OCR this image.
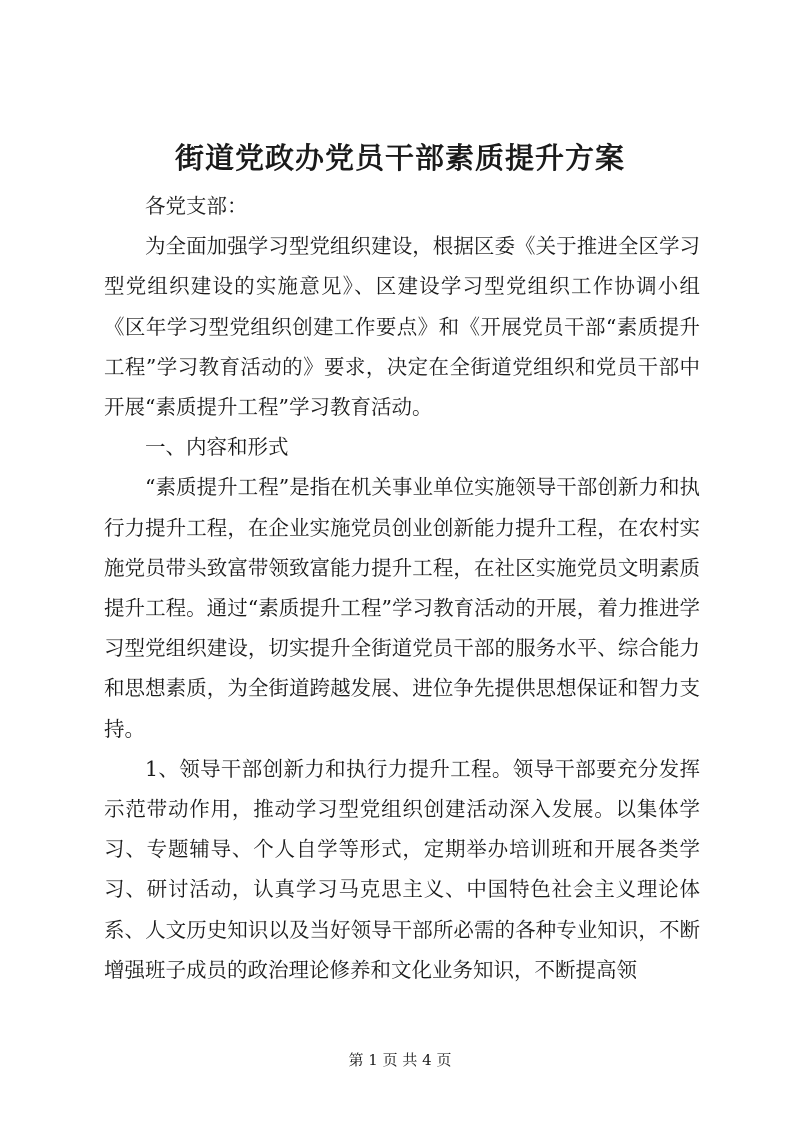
街道党政办党员干部素质提升方案

各党支部：

为全面加强学习型党组织建设，根据区委《关于推进全区学习型党组织建设的实施意见》、区建设学习型党组织工作协调小组《区年学习型党组织创建工作要点》和《开展党员干部“素质提升工程”学习教育活动的》要求，决定在全街道党组织和党员干部中开展“素质提升工程”学习教育活动。

一、内容和形式

“素质提升工程”是指在机关事业单位实施领导干部创新力和执行力提升工程，在企业实施党员创业创新能力提升工程，在农村实施党员带头致富带领致富能力提升工程，在社区实施党员文明素质提升工程。通过“素质提升工程”学习教育活动的开展，着力推进学习型党组织建设，切实提升全街道党员干部的服务水平、综合能力和思想素质，为全街道跨越发展、进位争先提供思想保证和智力支持。

1、领导干部创新力和执行力提升工程。领导干部要充分发挥示范带动作用，推动学习型党组织创建活动深入发展。以集体学习、专题辅导、个人自学等形式，定期举办培训班和开展各类学习、研讨活动，认真学习马克思主义、中国特色社会主义理论体系、人文历史知识以及当好领导干部所必需的各种专业知识，不断增强班子成员的政治理论修养和文化业务知识，不断提高领

第 1 页 共 4 页
